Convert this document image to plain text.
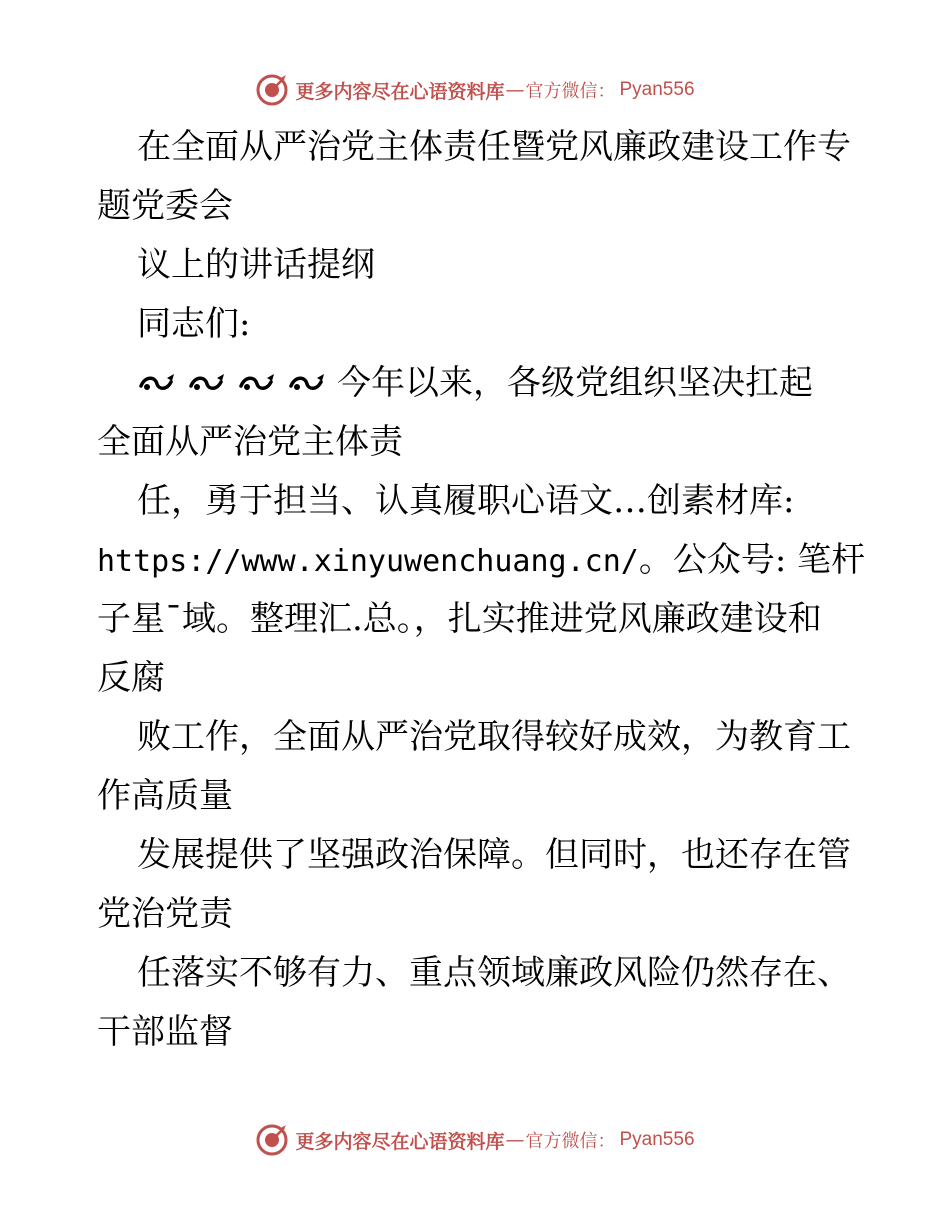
更多内容尽在心语资料库 — 官方微信： Pyan556
在全面从严治党主体责任暨党风廉政建设工作专
题党委会
议上的讲话提纲
同志们:
今年以来，各级党组织坚决扛起
全面从严治党主体责
任，勇于担当、认真履职心语文…创素材库:
https://www.xinyuwenchuang.cn/。公众号: 笔杆
子星¯域。整理汇.总。，扎实推进党风廉政建设和
反腐
败工作，全面从严治党取得较好成效，为教育工
作高质量
发展提供了坚强政治保障。但同时，也还存在管
党治党责
任落实不够有力、重点领域廉政风险仍然存在、
干部监督
更多内容尽在心语资料库 — 官方微信： Pyan556
